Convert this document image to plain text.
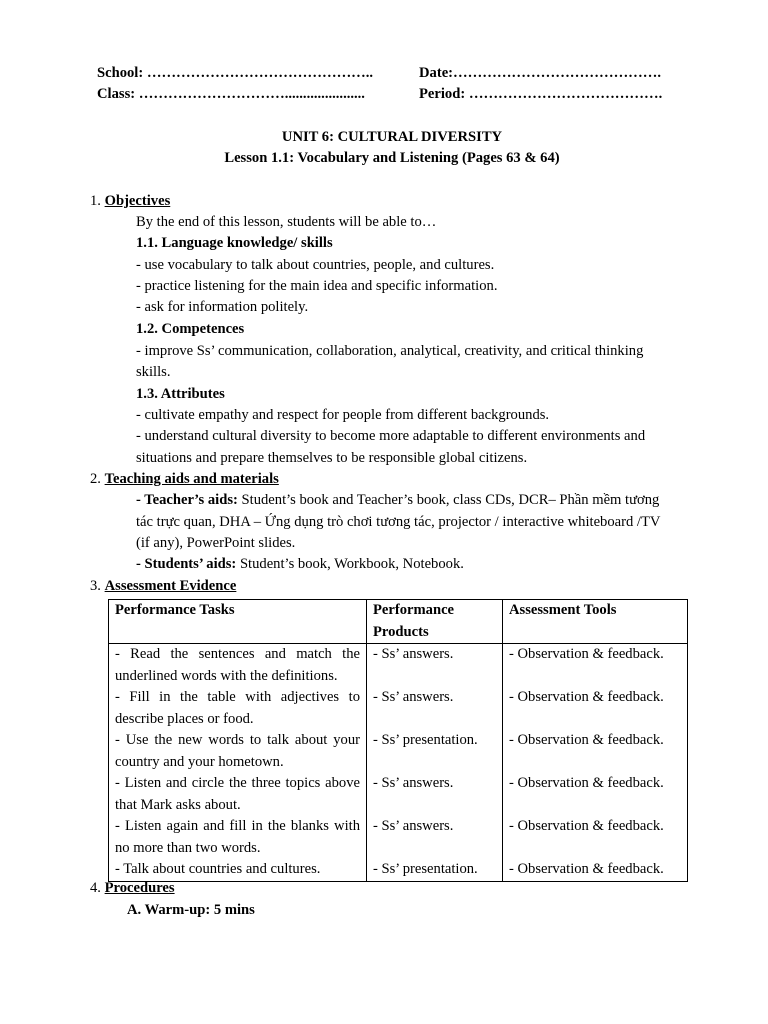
School: ………………………………………..
Class: …………………………......................
Date:…………………………………….
Period: ………………………………….
UNIT 6: CULTURAL DIVERSITY
Lesson 1.1: Vocabulary and Listening (Pages 63 & 64)
1. Objectives
By the end of this lesson, students will be able to…
1.1. Language knowledge/ skills
- use vocabulary to talk about countries, people, and cultures.
- practice listening for the main idea and specific information.
- ask for information politely.
1.2. Competences
- improve Ss’ communication, collaboration, analytical, creativity, and critical thinking
skills.
1.3. Attributes
- cultivate empathy and respect for people from different backgrounds.
- understand cultural diversity to become more adaptable to different environments and
situations and prepare themselves to be responsible global citizens.
2. Teaching aids and materials
- Teacher’s aids: Student’s book and Teacher’s book, class CDs, DCR– Phần mềm tương
tác trực quan, DHA – Ứng dụng trò chơi tương tác, projector / interactive whiteboard /TV
(if any), PowerPoint slides.
- Students’ aids: Student’s book, Workbook, Notebook.
3. Assessment Evidence
Performance Tasks	Performance Products	Assessment Tools

- Read the sentences and match the underlined words with the definitions.	- Ss’ answers.	- Observation & feedback.

- Fill in the table with adjectives to describe places or food.	- Ss’ answers.	- Observation & feedback.

- Use the new words to talk about your country and your hometown.	- Ss’ presentation.	- Observation & feedback.

- Listen and circle the three topics above that Mark asks about.	- Ss’ answers.	- Observation & feedback.

- Listen again and fill in the blanks with no more than two words.	- Ss’ answers.	- Observation & feedback.

- Talk about countries and cultures.	- Ss’ presentation.	- Observation & feedback.
4. Procedures
A. Warm-up: 5 mins
